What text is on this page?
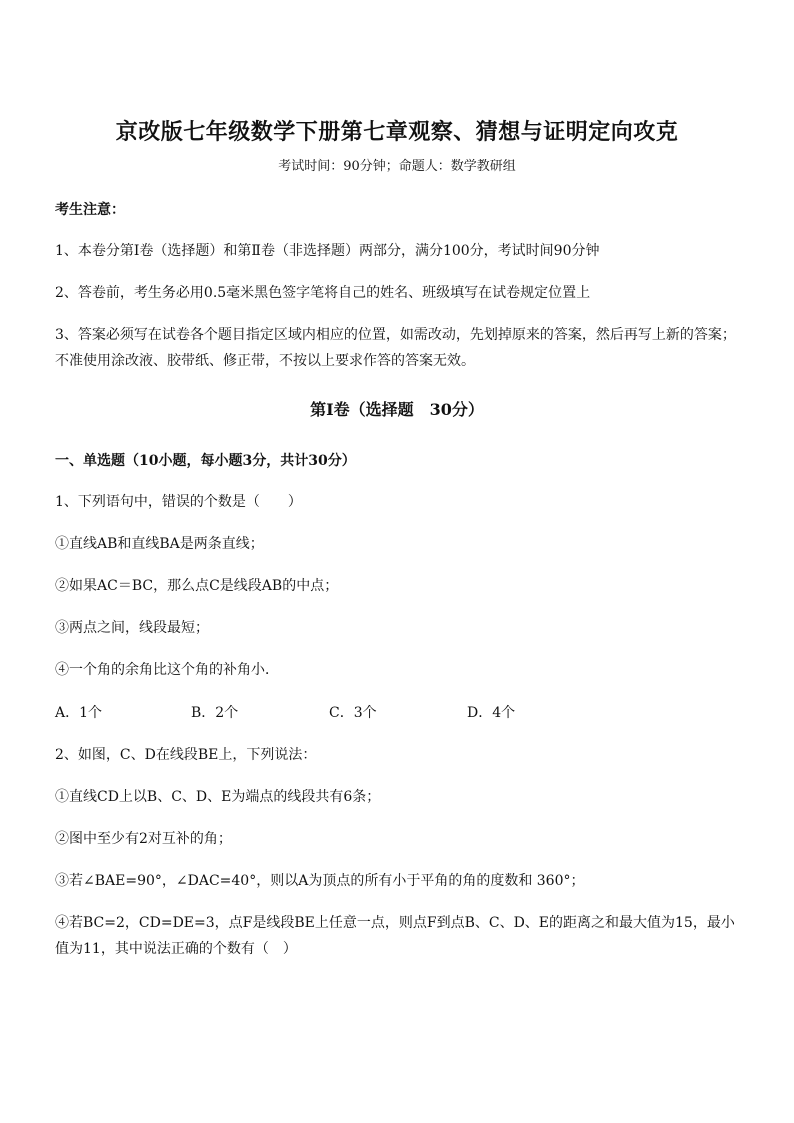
京改版七年级数学下册第七章观察、猜想与证明定向攻克
考试时间：90分钟；命题人：数学教研组
考生注意：
1、本卷分第Ⅰ卷（选择题）和第Ⅱ卷（非选择题）两部分，满分100分，考试时间90分钟
2、答卷前，考生务必用0.5毫米黑色签字笔将自己的姓名、班级填写在试卷规定位置上
3、答案必须写在试卷各个题目指定区域内相应的位置，如需改动，先划掉原来的答案，然后再写上新的答案；不准使用涂改液、胶带纸、修正带，不按以上要求作答的答案无效。
第Ⅰ卷（选择题　30分）
一、单选题（10小题，每小题3分，共计30分）
1、下列语句中，错误的个数是（　　）
①直线AB和直线BA是两条直线；
②如果AC＝BC，那么点C是线段AB的中点；
③两点之间，线段最短；
④一个角的余角比这个角的补角小．
A．1个	B．2个	C．3个	D．4个
2、如图，C、D在线段BE上，下列说法：
①直线CD上以B、C、D、E为端点的线段共有6条；
②图中至少有2对互补的角；
③若∠BAE=90°，∠DAC=40°，则以A为顶点的所有小于平角的角的度数和 360°；
④若BC=2，CD=DE=3，点F是线段BE上任意一点，则点F到点B、C、D、E的距离之和最大值为15，最小值为11，其中说法正确的个数有（　）
